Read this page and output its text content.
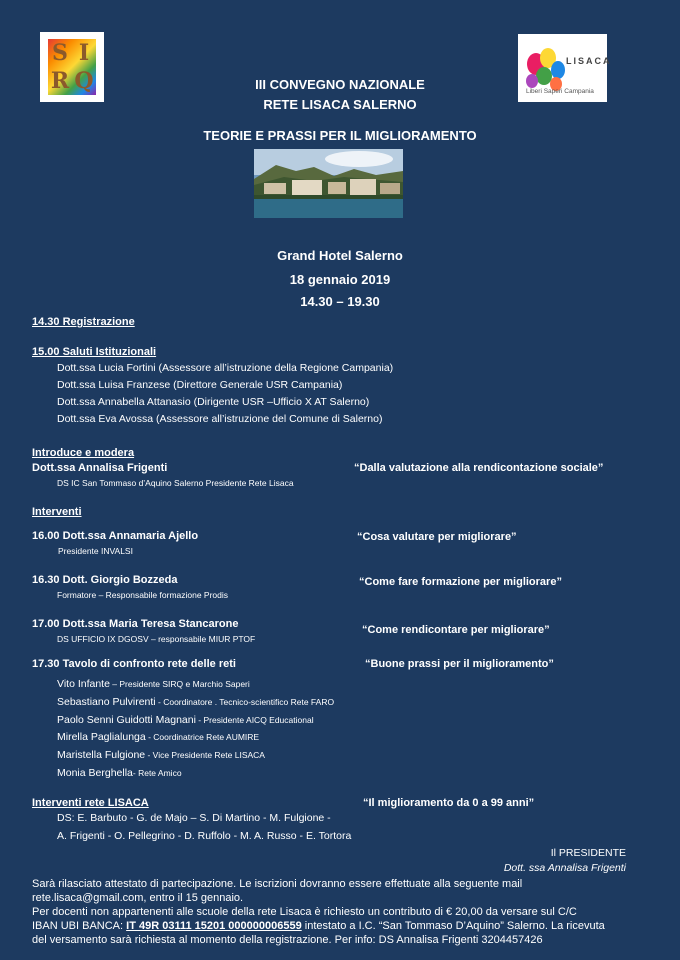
S I
R Q
LISACA
Liberi Saperi Campania
III CONVEGNO NAZIONALE
RETE LISACA SALERNO
TEORIE E PRASSI PER IL MIGLIORAMENTO
Grand Hotel Salerno
18 gennaio 2019
14.30 – 19.30
14.30 Registrazione
15.00 Saluti Istituzionali
Dott.ssa Lucia Fortini (Assessore all’istruzione della Regione Campania)
Dott.ssa Luisa Franzese (Direttore Generale USR Campania)
Dott.ssa Annabella Attanasio (Dirigente USR –Ufficio X AT Salerno)
Dott.ssa Eva Avossa (Assessore all’istruzione del Comune di Salerno)
Introduce e modera
Dott.ssa Annalisa Frigenti
DS IC San Tommaso d’Aquino Salerno Presidente Rete Lisaca
“Dalla valutazione alla rendicontazione sociale”
Interventi
16.00 Dott.ssa Annamaria Ajello
Presidente INVALSI
“Cosa valutare per migliorare”
16.30 Dott. Giorgio Bozzeda
Formatore – Responsabile formazione Prodis
“Come fare formazione per migliorare”
17.00 Dott.ssa Maria Teresa Stancarone
DS UFFICIO IX DGOSV – responsabile MIUR PTOF
“Come rendicontare per migliorare”
17.30 Tavolo di confronto rete delle reti	“Buone prassi per il miglioramento”
Vito Infante – Presidente SIRQ e Marchio Saperi
Sebastiano Pulvirenti - Coordinatore . Tecnico-scientifico Rete FARO
Paolo Senni Guidotti Magnani - Presidente AICQ Educational
Mirella Paglialunga - Coordinatrice Rete AUMIRE
Maristella Fulgione - Vice Presidente Rete LISACA
Monia Berghella- Rete Amico
Interventi rete LISACA	“Il miglioramento da 0 a 99 anni”
DS: E. Barbuto - G. de Majo – S. Di Martino - M. Fulgione -
A. Frigenti - O. Pellegrino - D. Ruffolo - M. A. Russo - E. Tortora
Il PRESIDENTE
Dott. ssa Annalisa Frigenti
Sarà rilasciato attestato di partecipazione. Le iscrizioni dovranno essere effettuate alla seguente mail
rete.lisaca@gmail.com, entro il 15 gennaio.
Per docenti non appartenenti alle scuole della rete Lisaca è richiesto un contributo di € 20,00 da versare sul C/C
IBAN UBI BANCA: IT 49R 03111 15201 000000006559 intestato a I.C. “San Tommaso D’Aquino” Salerno. La ricevuta
del versamento sarà richiesta al momento della registrazione. Per info: DS Annalisa Frigenti 3204457426
